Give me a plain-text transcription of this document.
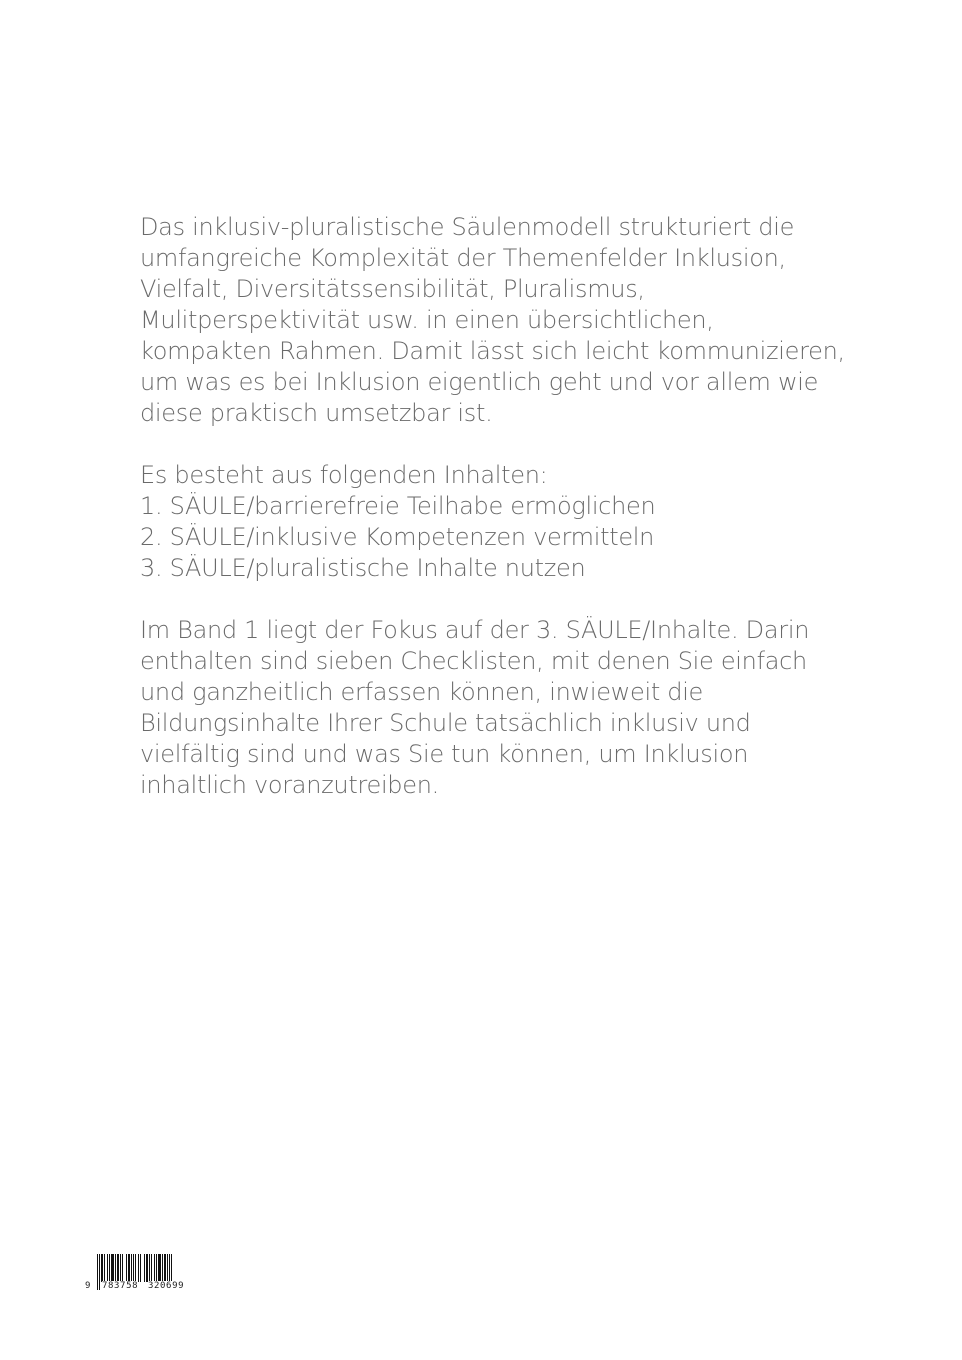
Das inklusiv-pluralistische Säulenmodell strukturiert die
umfangreiche Komplexität der Themenfelder Inklusion,
Vielfalt, Diversitätssensibilität, Pluralismus,
Mulitperspektivität usw. in einen übersichtlichen,
kompakten Rahmen. Damit lässt sich leicht kommunizieren,
um was es bei Inklusion eigentlich geht und vor allem wie
diese praktisch umsetzbar ist.

Es besteht aus folgenden Inhalten:
1. SÄULE/barrierefreie Teilhabe ermöglichen
2. SÄULE/inklusive Kompetenzen vermitteln
3. SÄULE/pluralistische Inhalte nutzen

Im Band 1 liegt der Fokus auf der 3. SÄULE/Inhalte. Darin
enthalten sind sieben Checklisten, mit denen Sie einfach
und ganzheitlich erfassen können, inwieweit die
Bildungsinhalte Ihrer Schule tatsächlich inklusiv und
vielfältig sind und was Sie tun können, um Inklusion
inhaltlich voranzutreiben.

9 783758 320699
